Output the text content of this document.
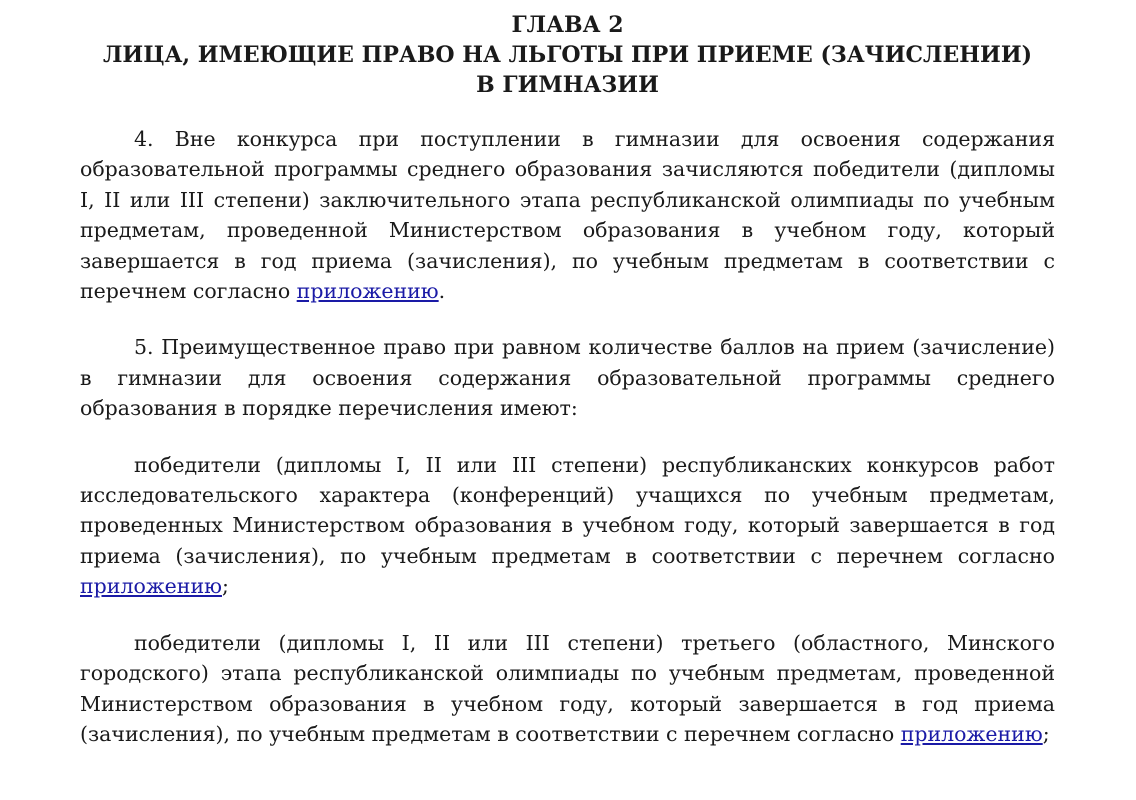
ГЛАВА 2
ЛИЦА, ИМЕЮЩИЕ ПРАВО НА ЛЬГОТЫ ПРИ ПРИЕМЕ (ЗАЧИСЛЕНИИ)
В ГИМНАЗИИ

4. Вне конкурса при поступлении в гимназии для освоения содержания образовательной программы среднего образования зачисляются победители (дипломы I, II или III степени) заключительного этапа республиканской олимпиады по учебным предметам, проведенной Министерством образования в учебном году, который завершается в год приема (зачисления), по учебным предметам в соответствии с перечнем согласно приложению.

5. Преимущественное право при равном количестве баллов на прием (зачисление) в гимназии для освоения содержания образовательной программы среднего образования в порядке перечисления имеют:

победители (дипломы I, II или III степени) республиканских конкурсов работ исследовательского характера (конференций) учащихся по учебным предметам, проведенных Министерством образования в учебном году, который завершается в год приема (зачисления), по учебным предметам в соответствии с перечнем согласно приложению;

победители (дипломы I, II или III степени) третьего (областного, Минского городского) этапа республиканской олимпиады по учебным предметам, проведенной Министерством образования в учебном году, который завершается в год приема (зачисления), по учебным предметам в соответствии с перечнем согласно приложению;
